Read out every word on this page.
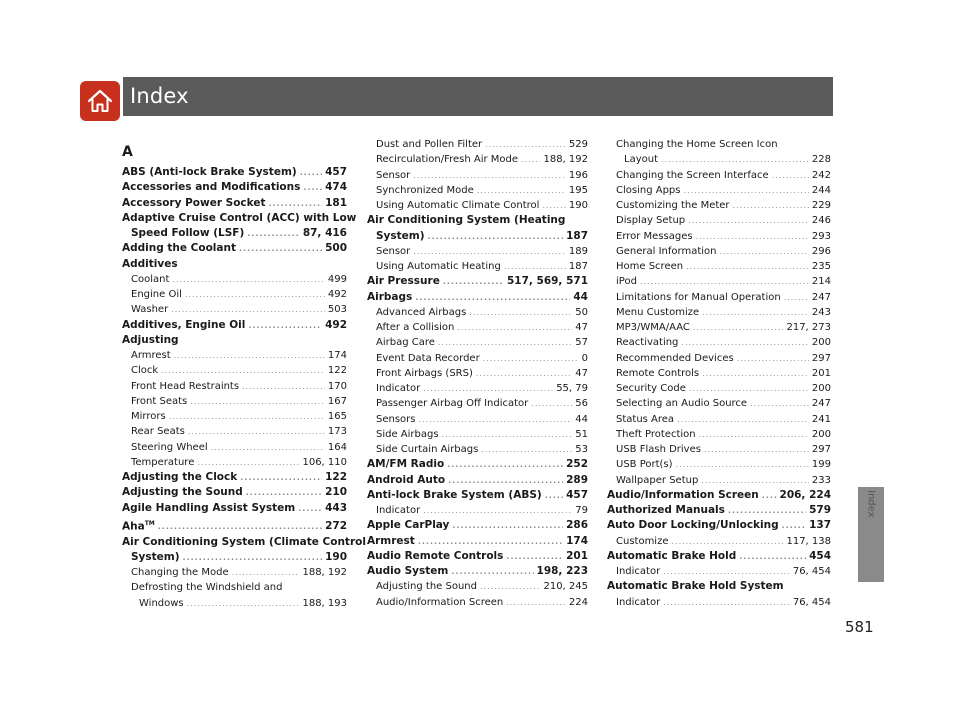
Index
Index
581
A
ABS (Anti-lock Brake System) .....	457
Accessories and Modifications ..... 474
Accessory Power Socket .....	181
Adaptive Cruise Control (ACC) with Low
Speed Follow (LSF) .....	87, 416
Adding the Coolant .....	500
Additives
Coolant .....	499
Engine Oil .....	492
Washer .....	503
Additives, Engine Oil .....	492
Adjusting
Armrest .....	174
Clock .....	122
Front Head Restraints .....	170
Front Seats .....	167
Mirrors .....	165
Rear Seats .....	173
Steering Wheel .....	164
Temperature .....	106, 110
Adjusting the Clock .....	122
Adjusting the Sound .....	210
Agile Handling Assist System .....	443
Aha™ .....	272
Air Conditioning System (Climate Control
System) .....	190
Changing the Mode .....	188, 192
Defrosting the Windshield and
Windows .....	188, 193
Dust and Pollen Filter .....	529
Recirculation/Fresh Air Mode .....	188, 192
Sensor .....	196
Synchronized Mode .....	195
Using Automatic Climate Control .....	190
Air Conditioning System (Heating
System) .....	187
Sensor .....	189
Using Automatic Heating .....	187
Air Pressure .....	517, 569, 571
Airbags .....	44
Advanced Airbags .....	50
After a Collision .....	47
Airbag Care .....	57
Event Data Recorder .....	0
Front Airbags (SRS) .....	47
Indicator .....	55, 79
Passenger Airbag Off Indicator .....	56
Sensors .....	44
Side Airbags .....	51
Side Curtain Airbags .....	53
AM/FM Radio .....	252
Android Auto .....	289
Anti-lock Brake System (ABS) ..... 457
Indicator .....	79
Apple CarPlay .....	286
Armrest .....	174
Audio Remote Controls .....	201
Audio System .....	198, 223
Adjusting the Sound .....	210, 245
Audio/Information Screen .....	224
Changing the Home Screen Icon
Layout .....	228
Changing the Screen Interface .....	242
Closing Apps .....	244
Customizing the Meter .....	229
Display Setup .....	246
Error Messages .....	293
General Information .....	296
Home Screen .....	235
iPod .....	214
Limitations for Manual Operation .....	247
Menu Customize .....	243
MP3/WMA/AAC .....	217, 273
Reactivating .....	200
Recommended Devices .....	297
Remote Controls .....	201
Security Code .....	200
Selecting an Audio Source .....	247
Status Area .....	241
Theft Protection .....	200
USB Flash Drives .....	297
USB Port(s) .....	199
Wallpaper Setup .....	233
Audio/Information Screen ..... 206, 224
Authorized Manuals .....	579
Auto Door Locking/Unlocking .....	137
Customize .....	117, 138
Automatic Brake Hold .....	454
Indicator .....	76, 454
Automatic Brake Hold System
Indicator .....	76, 454
